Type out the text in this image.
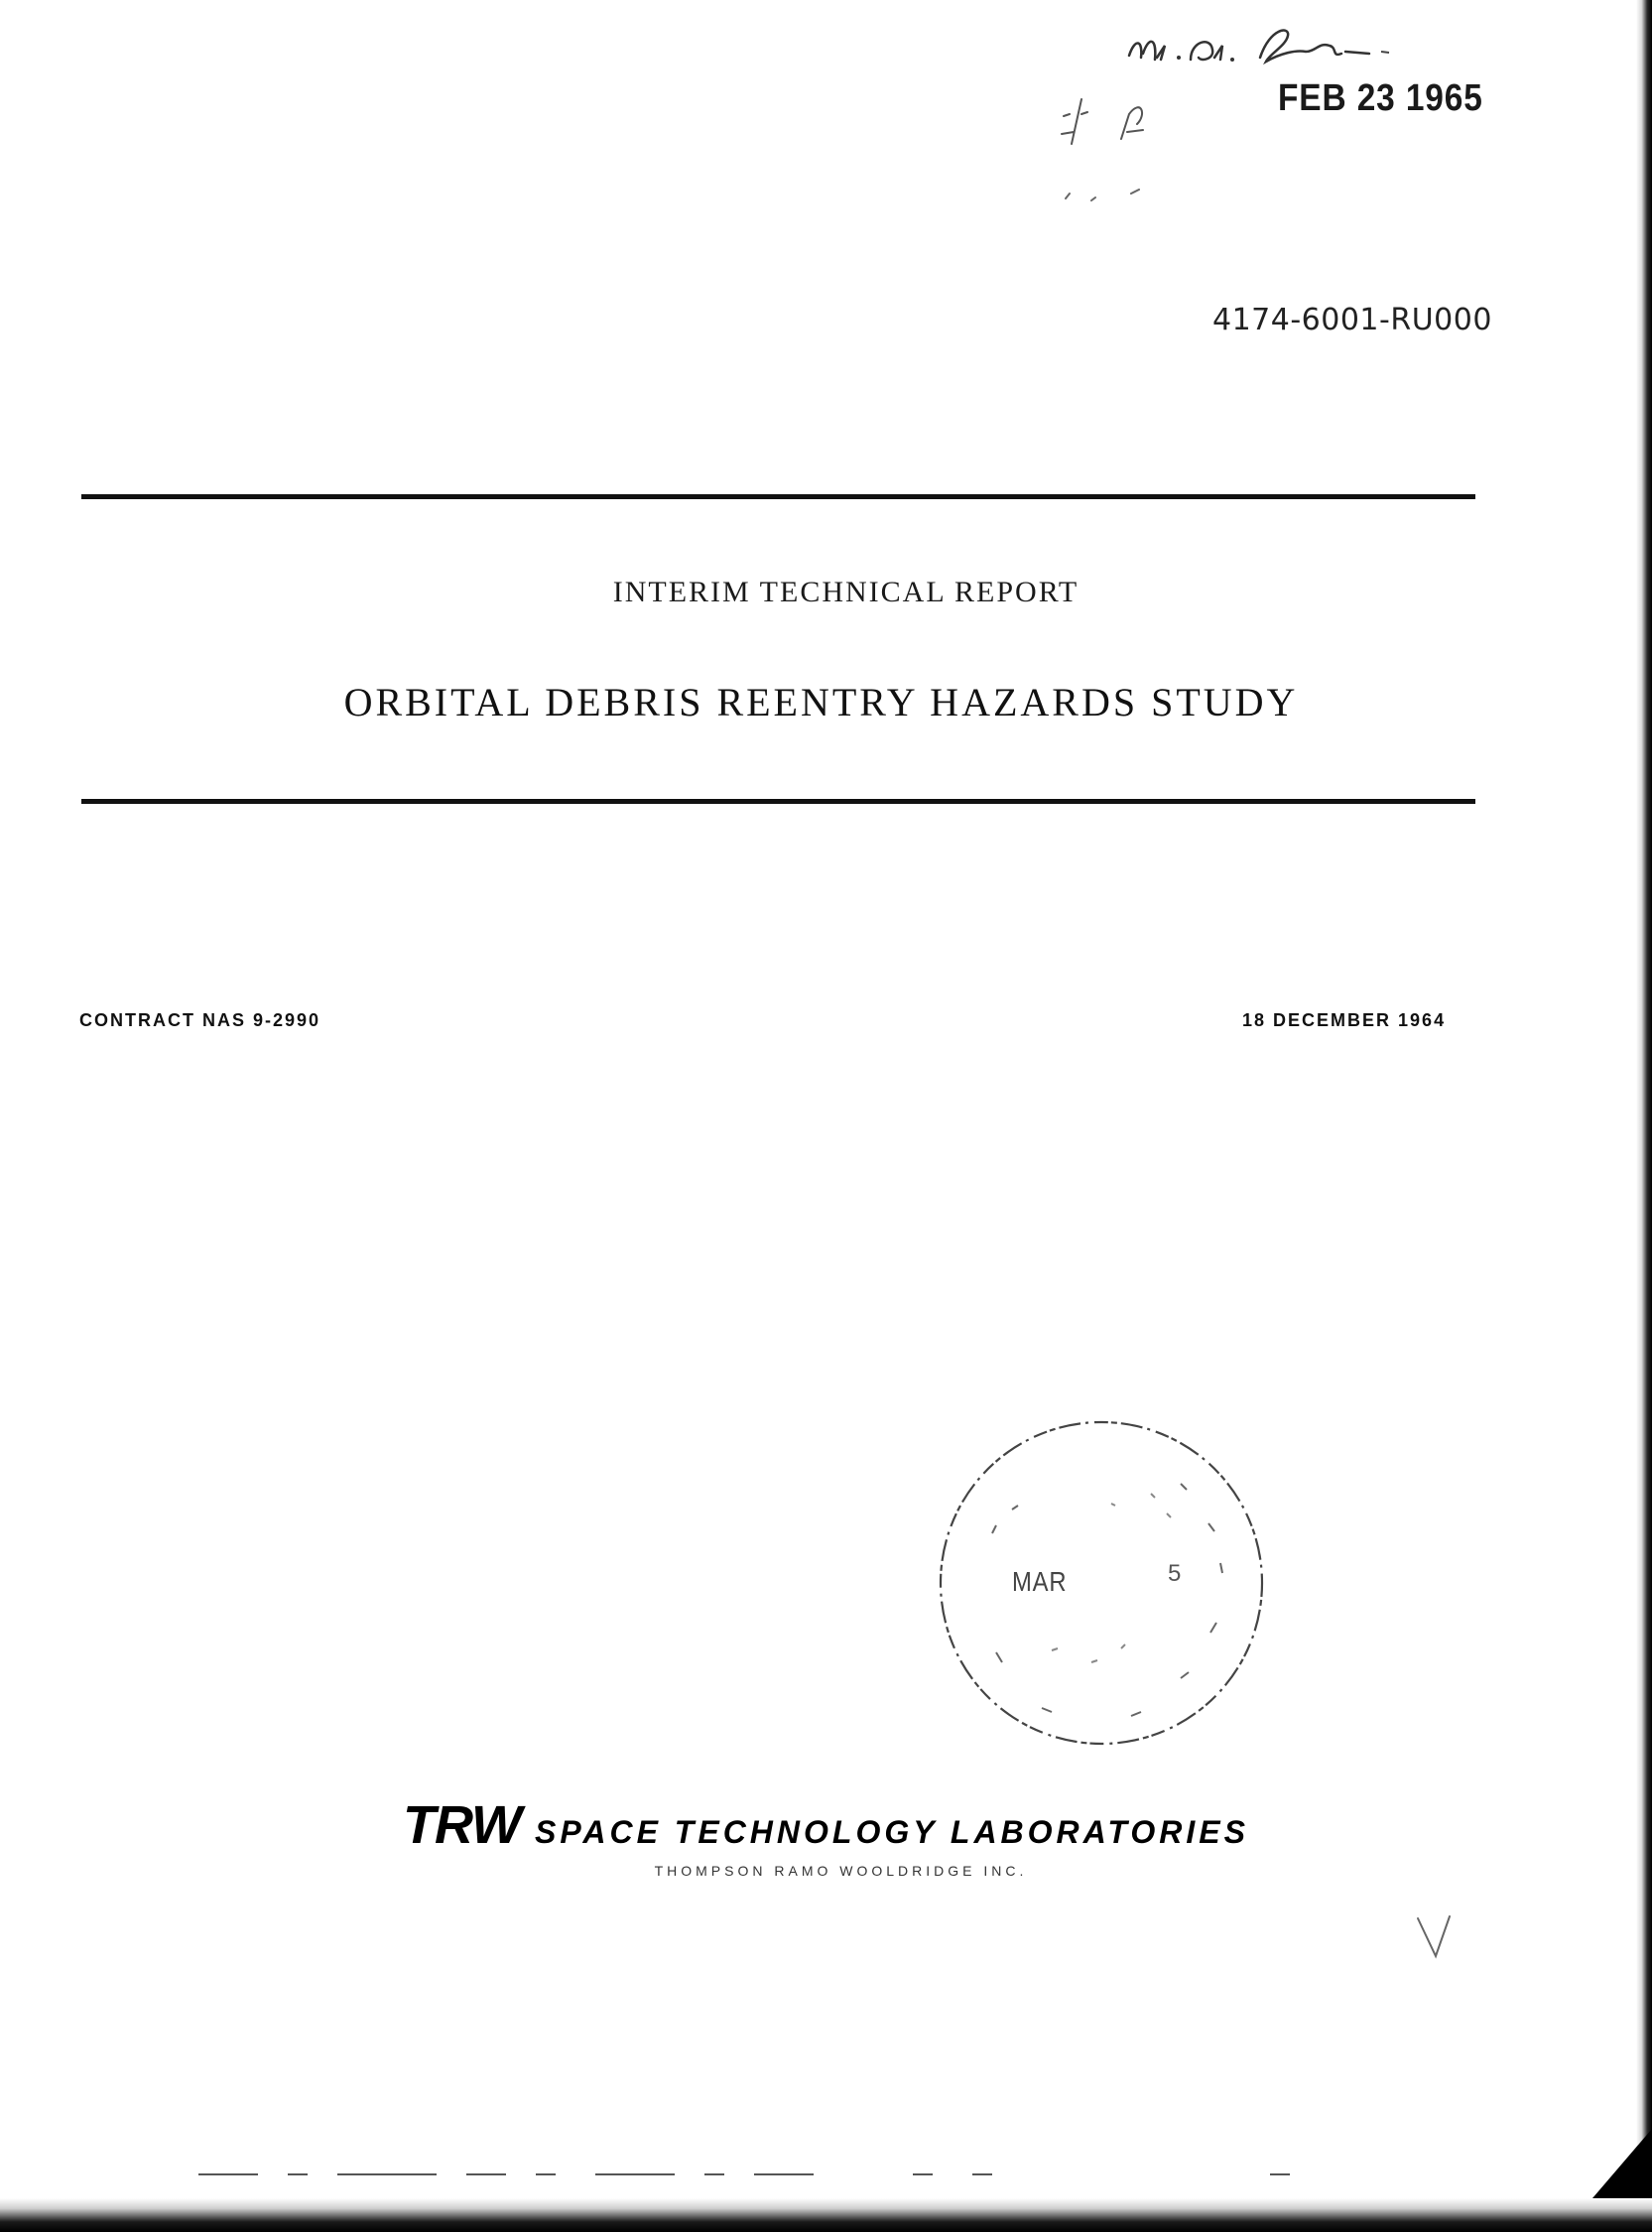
FEB 23 1965
4174-6001-RU000
INTERIM TECHNICAL REPORT
ORBITAL DEBRIS REENTRY HAZARDS STUDY
CONTRACT NAS 9-2990	18 DECEMBER 1964
MAR	5
TRW SPACE TECHNOLOGY LABORATORIES
THOMPSON RAMO WOOLDRIDGE INC.
